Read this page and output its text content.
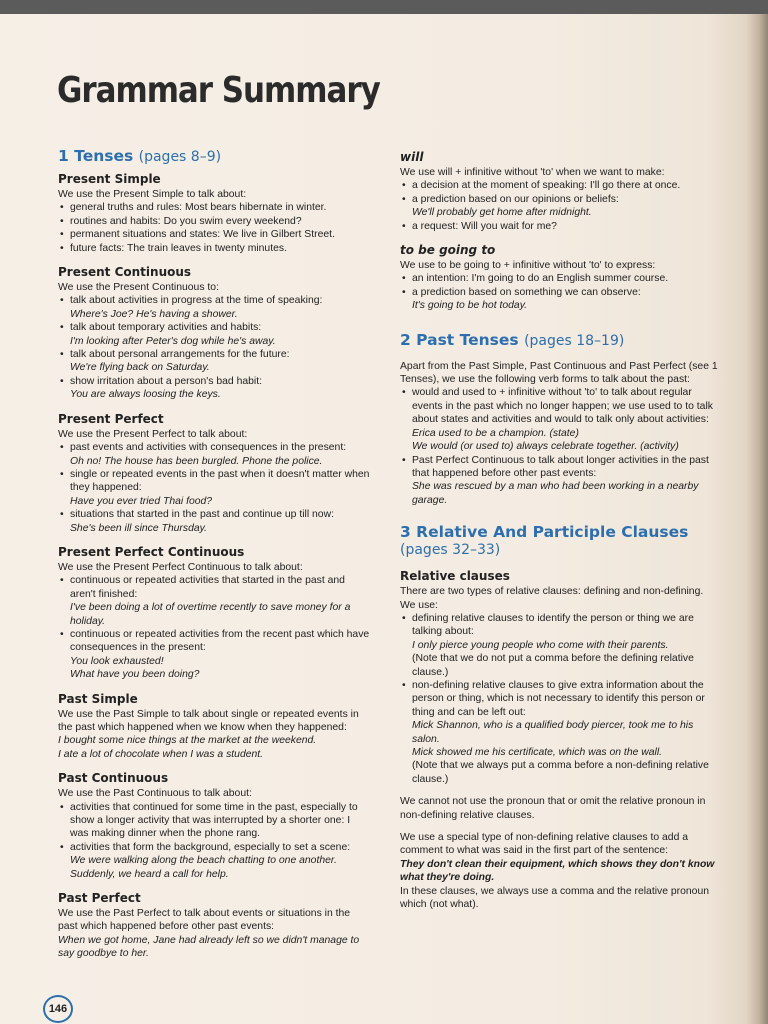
Grammar Summary
1 Tenses (pages 8–9)
Present Simple

We use the Present Simple to talk about:

• general truths and rules: Most bears hibernate in winter.
• routines and habits: Do you swim every weekend?
• permanent situations and states: We live in Gilbert Street.
• future facts: The train leaves in twenty minutes.
Present Continuous

We use the Present Continuous to:

• talk about activities in progress at the time of speaking:
Where's Joe? He's having a shower.
• talk about temporary activities and habits:
I'm looking after Peter's dog while he's away.
• talk about personal arrangements for the future:
We're flying back on Saturday.
• show irritation about a person's bad habit:
You are always loosing the keys.
Present Perfect

We use the Present Perfect to talk about:

• past events and activities with consequences in the present:
Oh no! The house has been burgled. Phone the police.
• single or repeated events in the past when it doesn't matter when they happened:
Have you ever tried Thai food?
• situations that started in the past and continue up till now:
She's been ill since Thursday.
Present Perfect Continuous

We use the Present Perfect Continuous to talk about:

• continuous or repeated activities that started in the past and aren't finished:
I've been doing a lot of overtime recently to save money for a holiday.
• continuous or repeated activities from the recent past which have consequences in the present:
You look exhausted!
What have you been doing?
Past Simple

We use the Past Simple to talk about single or repeated events in the past which happened when we know when they happened:

I bought some nice things at the market at the weekend.

I ate a lot of chocolate when I was a student.

Past Continuous

We use the Past Continuous to talk about:

• activities that continued for some time in the past, especially to show a longer activity that was interrupted by a shorter one: I was making dinner when the phone rang.
• activities that form the background, especially to set a scene:
We were walking along the beach chatting to one another.
Suddenly, we heard a call for help.
Past Perfect

We use the Past Perfect to talk about events or situations in the past which happened before other past events:

When we got home, Jane had already left so we didn't manage to say goodbye to her.

will

We use will + infinitive without 'to' when we want to make:

• a decision at the moment of speaking: I'll go there at once.
• a prediction based on our opinions or beliefs:
We'll probably get home after midnight.
• a request: Will you wait for me?
to be going to

We use to be going to + infinitive without 'to' to express:

• an intention: I'm going to do an English summer course.
• a prediction based on something we can observe:
It's going to be hot today.
2 Past Tenses (pages 18–19)

Apart from the Past Simple, Past Continuous and Past Perfect (see 1 Tenses), we use the following verb forms to talk about the past:

• would and used to + infinitive without 'to' to talk about regular events in the past which no longer happen; we use used to to talk about states and activities and would to talk only about activities:
Erica used to be a champion. (state)
We would (or used to) always celebrate together. (activity)
• Past Perfect Continuous to talk about longer activities in the past that happened before other past events:
She was rescued by a man who had been working in a nearby garage.
3 Relative And Participle Clauses
(pages 32–33)
Relative clauses

There are two types of relative clauses: defining and non-defining. We use:

• defining relative clauses to identify the person or thing we are talking about:
I only pierce young people who come with their parents.
(Note that we do not put a comma before the defining relative clause.)
• non-defining relative clauses to give extra information about the person or thing, which is not necessary to identify this person or thing and can be left out:
Mick Shannon, who is a qualified body piercer, took me to his salon.
Mick showed me his certificate, which was on the wall.
(Note that we always put a comma before a non-defining relative clause.)

We cannot not use the pronoun that or omit the relative pronoun in non-defining relative clauses.

We use a special type of non-defining relative clauses to add a comment to what was said in the first part of the sentence:

They don't clean their equipment, which shows they don't know what they're doing.

In these clauses, we always use a comma and the relative pronoun which (not what).

146
